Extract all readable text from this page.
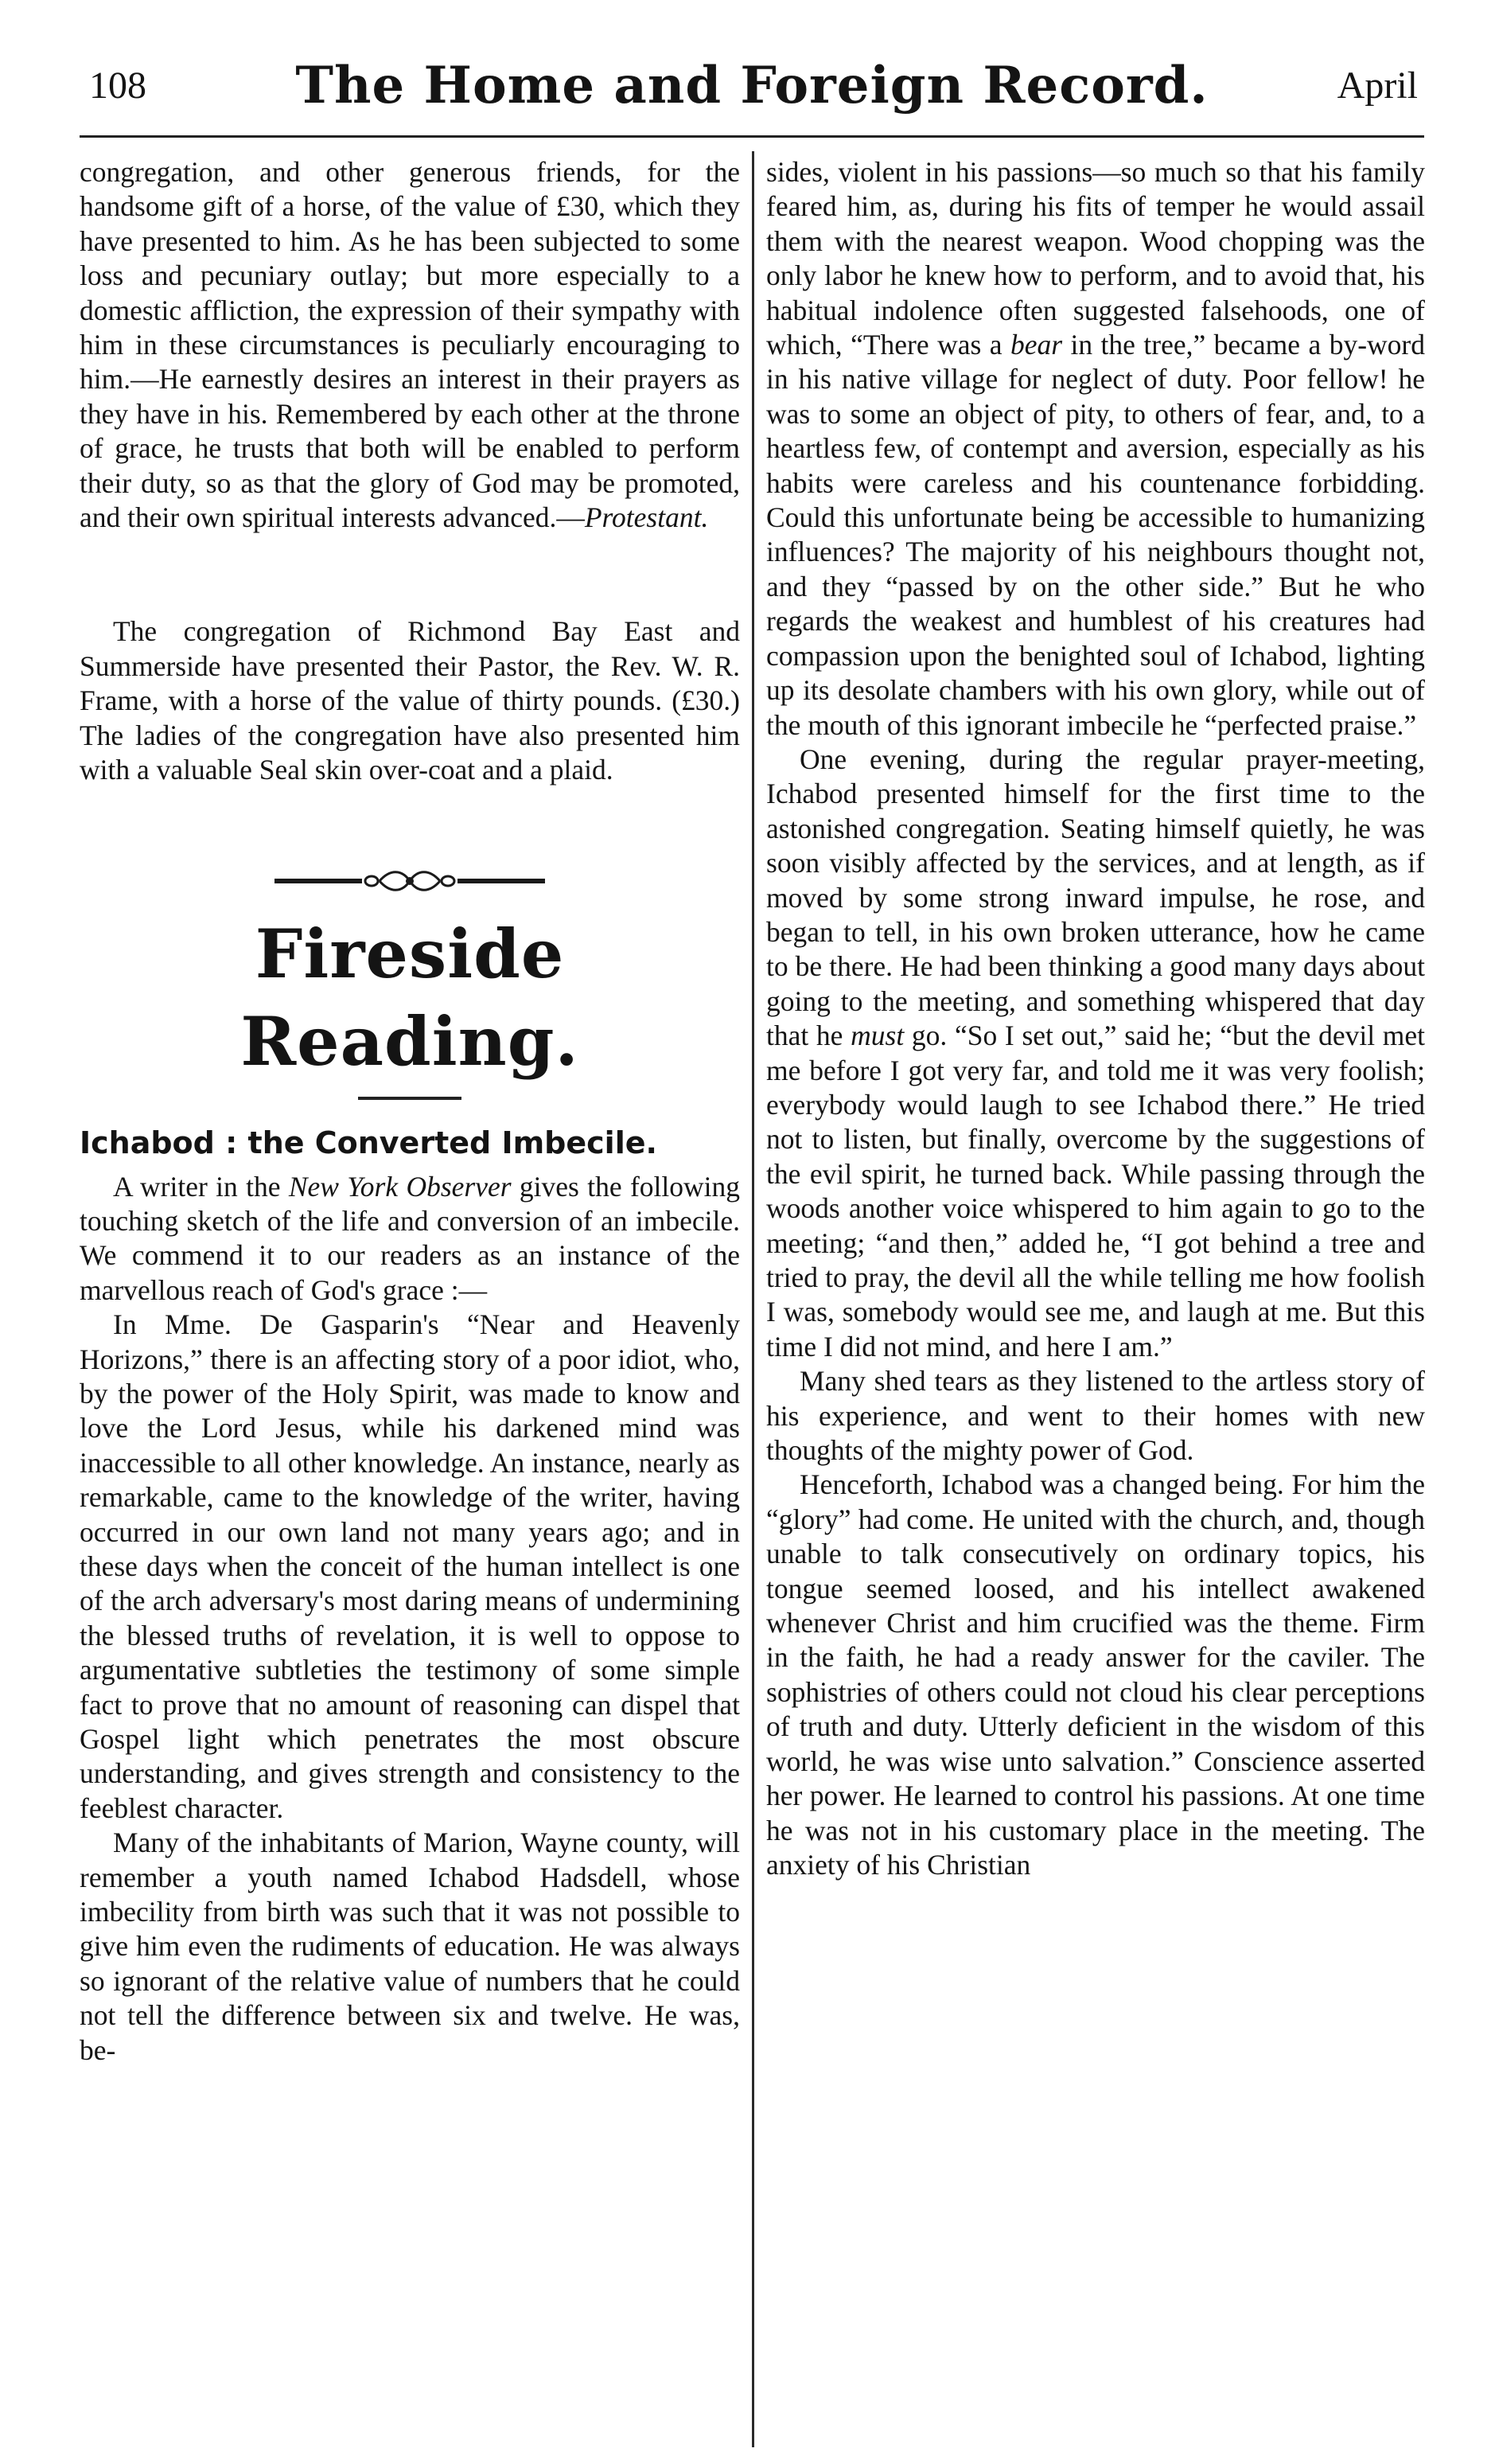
108	The Home and Foreign Record.	April

congregation, and other generous friends, for the handsome gift of a horse, of the value of £30, which they have presented to him. As he has been subjected to some loss and pecuniary outlay; but more especially to a domestic affliction, the expression of their sympathy with him in these circumstances is peculiarly encouraging to him.—He earnestly desires an interest in their prayers as they have in his. Remembered by each other at the throne of grace, he trusts that both will be enabled to perform their duty, so as that the glory of God may be promoted, and their own spiritual interests advanced.—Protestant.

The congregation of Richmond Bay East and Summerside have presented their Pastor, the Rev. W. R. Frame, with a horse of the value of thirty pounds. (£30.) The ladies of the congregation have also presented him with a valuable Seal skin over-coat and a plaid.

Fireside Reading.
Ichabod : the Converted Imbecile.

A writer in the New York Observer gives the following touching sketch of the life and conversion of an imbecile. We commend it to our readers as an instance of the marvellous reach of God's grace :—

In Mme. De Gasparin's “Near and Heavenly Horizons,” there is an affecting story of a poor idiot, who, by the power of the Holy Spirit, was made to know and love the Lord Jesus, while his darkened mind was inaccessible to all other knowledge. An instance, nearly as remarkable, came to the knowledge of the writer, having occurred in our own land not many years ago; and in these days when the conceit of the human intellect is one of the arch adversary's most daring means of undermining the blessed truths of revelation, it is well to oppose to argumentative subtleties the testimony of some simple fact to prove that no amount of reasoning can dispel that Gospel light which penetrates the most obscure understanding, and gives strength and consistency to the feeblest character.

Many of the inhabitants of Marion, Wayne county, will remember a youth named Ichabod Hadsdell, whose imbecility from birth was such that it was not possible to give him even the rudiments of education. He was always so ignorant of the relative value of numbers that he could not tell the difference between six and twelve. He was, be-

sides, violent in his passions—so much so that his family feared him, as, during his fits of temper he would assail them with the nearest weapon. Wood chopping was the only labor he knew how to perform, and to avoid that, his habitual indolence often suggested falsehoods, one of which, “There was a bear in the tree,” became a by-word in his native village for neglect of duty. Poor fellow! he was to some an object of pity, to others of fear, and, to a heartless few, of contempt and aversion, especially as his habits were careless and his countenance forbidding. Could this unfortunate being be accessible to humanizing influences? The majority of his neighbours thought not, and they “passed by on the other side.” But he who regards the weakest and humblest of his creatures had compassion upon the benighted soul of Ichabod, lighting up its desolate chambers with his own glory, while out of the mouth of this ignorant imbecile he “perfected praise.”

One evening, during the regular prayer-meeting, Ichabod presented himself for the first time to the astonished congregation. Seating himself quietly, he was soon visibly affected by the services, and at length, as if moved by some strong inward impulse, he rose, and began to tell, in his own broken utterance, how he came to be there. He had been thinking a good many days about going to the meeting, and something whispered that day that he must go. “So I set out,” said he; “but the devil met me before I got very far, and told me it was very foolish; everybody would laugh to see Ichabod there.” He tried not to listen, but finally, overcome by the suggestions of the evil spirit, he turned back. While passing through the woods another voice whispered to him again to go to the meeting; “and then,” added he, “I got behind a tree and tried to pray, the devil all the while telling me how foolish I was, somebody would see me, and laugh at me. But this time I did not mind, and here I am.”

Many shed tears as they listened to the artless story of his experience, and went to their homes with new thoughts of the mighty power of God.

Henceforth, Ichabod was a changed being. For him the “glory” had come. He united with the church, and, though unable to talk consecutively on ordinary topics, his tongue seemed loosed, and his intellect awakened whenever Christ and him crucified was the theme. Firm in the faith, he had a ready answer for the caviler. The sophistries of others could not cloud his clear perceptions of truth and duty. Utterly deficient in the wisdom of this world, he was wise unto salvation.” Conscience asserted her power. He learned to control his passions. At one time he was not in his customary place in the meeting. The anxiety of his Christian
